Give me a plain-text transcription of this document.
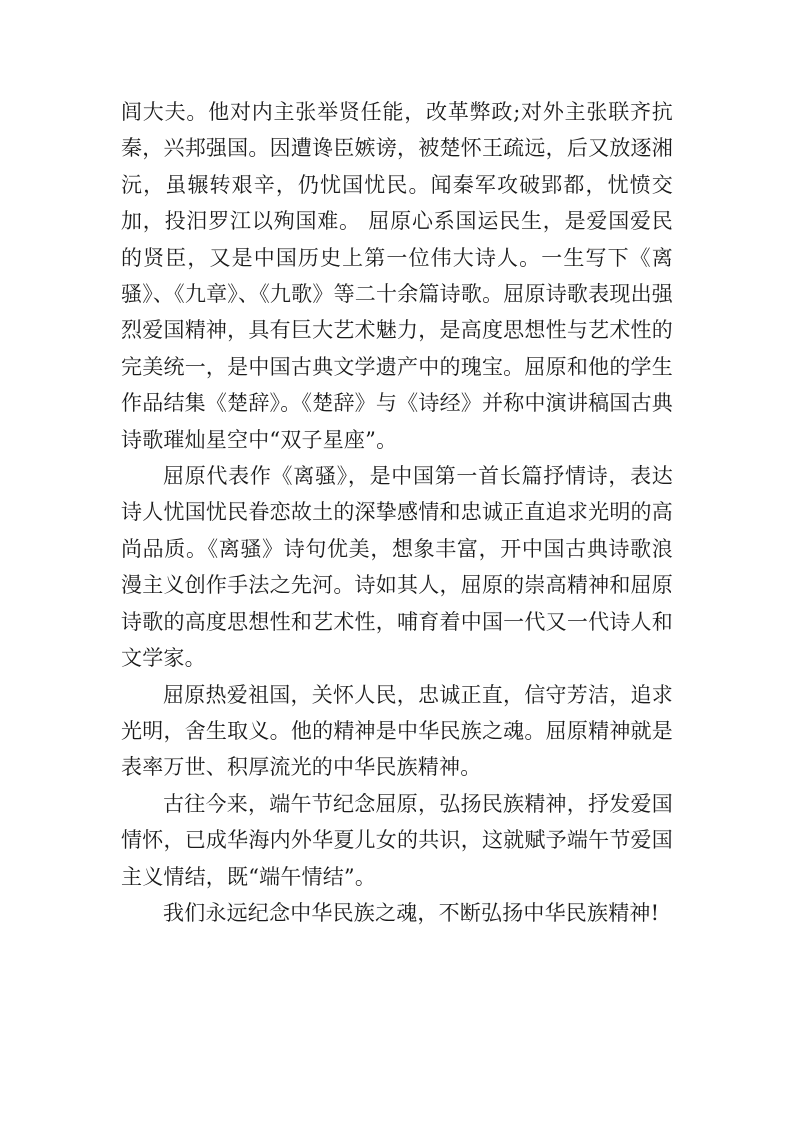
闾大夫。他对内主张举贤任能，改革弊政;对外主张联齐抗秦，兴邦强国。因遭谗臣嫉谤，被楚怀王疏远，后又放逐湘沅，虽辗转艰辛，仍忧国忧民。闻秦军攻破郢都，忧愤交加，投汨罗江以殉国难。 屈原心系国运民生，是爱国爱民的贤臣，又是中国历史上第一位伟大诗人。一生写下《离骚》、《九章》、《九歌》等二十余篇诗歌。屈原诗歌表现出强烈爱国精神，具有巨大艺术魅力，是高度思想性与艺术性的完美统一，是中国古典文学遗产中的瑰宝。屈原和他的学生作品结集《楚辞》。《楚辞》与《诗经》并称中演讲稿国古典诗歌璀灿星空中“双子星座”。

屈原代表作《离骚》，是中国第一首长篇抒情诗，表达诗人忧国忧民眷恋故土的深挚感情和忠诚正直追求光明的高尚品质。《离骚》诗句优美，想象丰富，开中国古典诗歌浪漫主义创作手法之先河。诗如其人，屈原的崇高精神和屈原诗歌的高度思想性和艺术性，哺育着中国一代又一代诗人和文学家。

屈原热爱祖国，关怀人民，忠诚正直，信守芳洁，追求光明，舍生取义。他的精神是中华民族之魂。屈原精神就是表率万世、积厚流光的中华民族精神。

古往今来，端午节纪念屈原，弘扬民族精神，抒发爱国情怀，已成华海内外华夏儿女的共识，这就赋予端午节爱国主义情结，既“端午情结”。

我们永远纪念中华民族之魂，不断弘扬中华民族精神!
